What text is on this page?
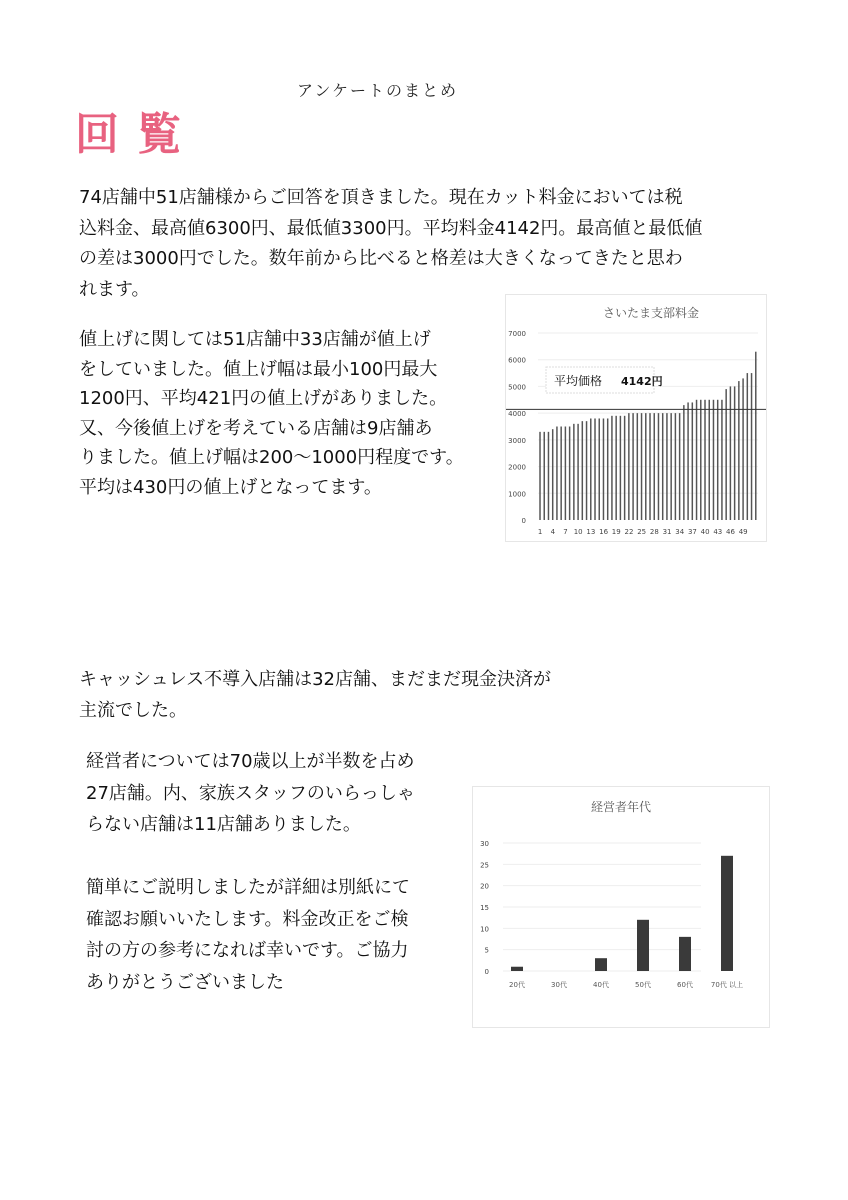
アンケートのまとめ
回覧
74店舗中51店舗様からご回答を頂きました。現在カット料金においては税
込料金、最高値6300円、最低値3300円。平均料金4142円。最高値と最低値
の差は3000円でした。数年前から比べると格差は大きくなってきたと思わ
れます。
値上げに関しては51店舗中33店舗が値上げ
をしていました。値上げ幅は最小100円最大
1200円、平均421円の値上げがありました。
又、今後値上げを考えている店舗は9店舗あ
りました。値上げ幅は200〜1000円程度です。
平均は430円の値上げとなってます。
キャッシュレス不導入店舗は32店舗、まだまだ現金決済が
主流でした。
経営者については70歳以上が半数を占め
27店舗。内、家族スタッフのいらっしゃ
らない店舗は11店舗ありました。
簡単にご説明しましたが詳細は別紙にて
確認お願いいたします。料金改正をご検
討の方の参考になれば幸いです。ご協力
ありがとうございました
さいたま支部料金
0
1000
2000
3000
4000
5000
6000
7000
1 4 7 10 13 16 19 22 25 28 31 34 37 40 43 46 49
平均価格 4142円
経営者年代
0
5
10
15
20
25
30
20代	30代	40代	50代	60代	70代 以上
